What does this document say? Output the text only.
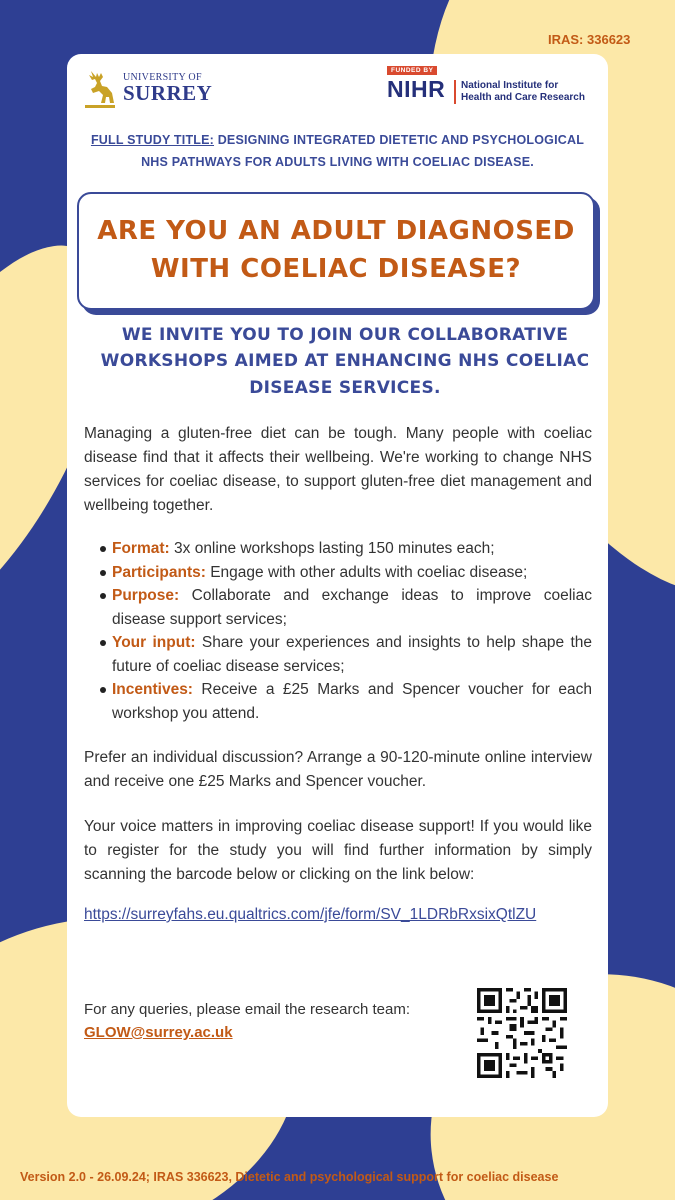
IRAS: 336623
UNIVERSITY OF
SURREY
FUNDED BY
NIHR National Institute for
Health and Care Research
FULL STUDY TITLE: DESIGNING INTEGRATED DIETETIC AND PSYCHOLOGICAL NHS PATHWAYS FOR ADULTS LIVING WITH COELIAC DISEASE.
ARE YOU AN ADULT DIAGNOSED
WITH COELIAC DISEASE?
WE INVITE YOU TO JOIN OUR COLLABORATIVE
WORKSHOPS AIMED AT ENHANCING NHS COELIAC
DISEASE SERVICES.

Managing a gluten-free diet can be tough. Many people with coeliac disease find that it affects their wellbeing. We're working to change NHS services for coeliac disease, to support gluten-free diet management and wellbeing together.

Format: 3x online workshops lasting 150 minutes each;
Participants: Engage with other adults with coeliac disease;
Purpose: Collaborate and exchange ideas to improve coeliac disease support services;
Your input: Share your experiences and insights to help shape the future of coeliac disease services;
Incentives: Receive a £25 Marks and Spencer voucher for each workshop you attend.

Prefer an individual discussion? Arrange a 90-120-minute online interview and receive one £25 Marks and Spencer voucher.

Your voice matters in improving coeliac disease support! If you would like to register for the study you will find further information by simply scanning the barcode below or clicking on the link below:

https://surreyfahs.eu.qualtrics.com/jfe/form/SV_1LDRbRxsixQtlZU
For any queries, please email the research team:
GLOW@surrey.ac.uk
Version 2.0 - 26.09.24; IRAS 336623, Dietetic and psychological support for coeliac disease
